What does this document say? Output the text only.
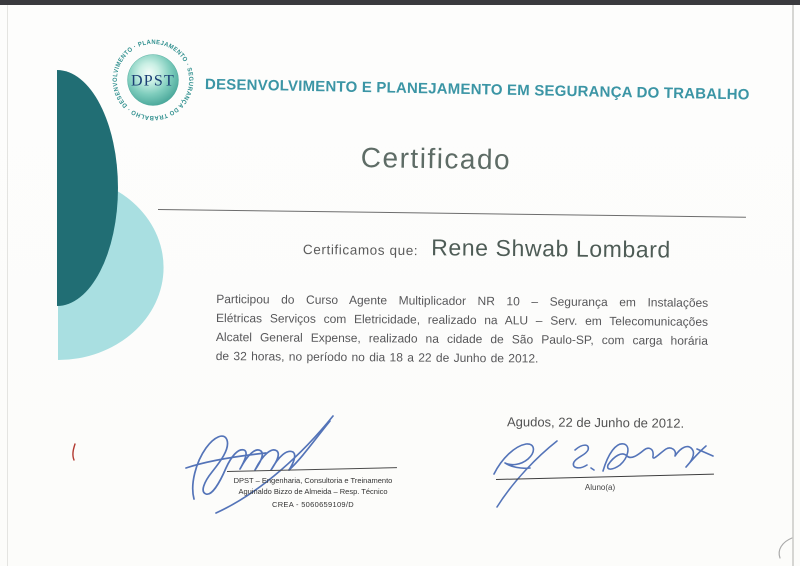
DESENVOLVIMENTO · PLANEJAMENTO · SEGURANÇA DO TRABALHO ·
DPST DESENVOLVIMENTO E PLANEJAMENTO EM SEGURANÇA DO TRABALHO
Certificado
Certificamos que: Rene Shwab Lombard
Participou do Curso Agente Multiplicador NR 10 – Segurança em Instalações
Elétricas Serviços com Eletricidade, realizado na ALU – Serv. em Telecomunicações
Alcatel General Expense, realizado na cidade de São Paulo-SP, com carga horária
de 32 horas, no período no dia 18 a 22 de Junho de 2012.
Agudos, 22 de Junho de 2012.
DPST – Engenharia, Consultoria e Treinamento
Aguinaldo Bizzo de Almeida – Resp. Técnico
CREA - 5060659109/D
Aluno(a)
